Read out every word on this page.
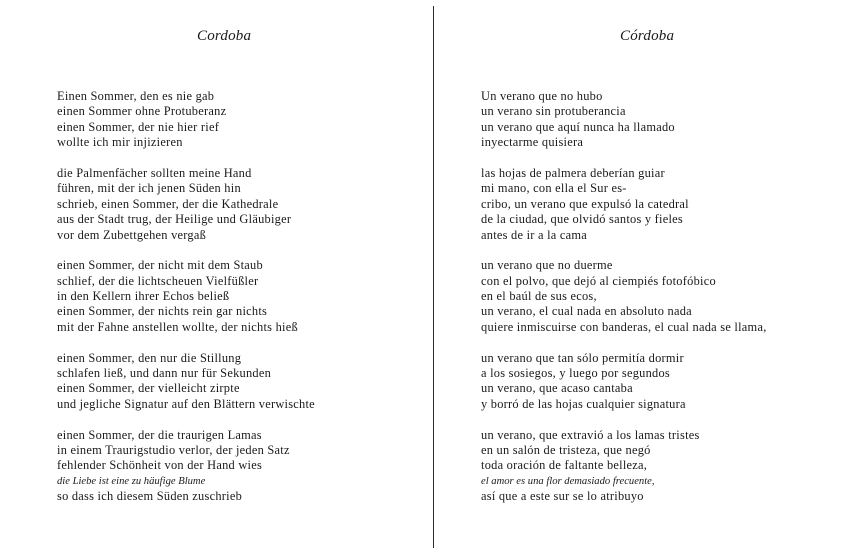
Cordoba
Einen Sommer, den es nie gab
einen Sommer ohne Protuberanz
einen Sommer, der nie hier rief
wollte ich mir injizieren
die Palmenfächer sollten meine Hand
führen, mit der ich jenen Süden hin
schrieb, einen Sommer, der die Kathedrale
aus der Stadt trug, der Heilige und Gläubiger
vor dem Zubettgehen vergaß
einen Sommer, der nicht mit dem Staub
schlief, der die lichtscheuen Vielfüßler
in den Kellern ihrer Echos beließ
einen Sommer, der nichts rein gar nichts
mit der Fahne anstellen wollte, der nichts hieß
einen Sommer, den nur die Stillung
schlafen ließ, und dann nur für Sekunden
einen Sommer, der vielleicht zirpte
und jegliche Signatur auf den Blättern verwischte
einen Sommer, der die traurigen Lamas
in einem Traurigstudio verlor, der jeden Satz
fehlender Schönheit von der Hand wies
die Liebe ist eine zu häufige Blume
so dass ich diesem Süden zuschrieb
Córdoba
Un verano que no hubo
un verano sin protuberancia
un verano que aquí nunca ha llamado
inyectarme quisiera
las hojas de palmera deberían guiar
mi mano, con ella el Sur es-
cribo, un verano que expulsó la catedral
de la ciudad, que olvidó santos y fieles
antes de ir a la cama
un verano que no duerme
con el polvo, que dejó al ciempiés fotofóbico
en el baúl de sus ecos,
un verano, el cual nada en absoluto nada
quiere inmiscuirse con banderas, el cual nada se llama,
un verano que tan sólo permitía dormir
a los sosiegos, y luego por segundos
un verano, que acaso cantaba
y borró de las hojas cualquier signatura
un verano, que extravió a los lamas tristes
en un salón de tristeza, que negó
toda oración de faltante belleza,
el amor es una flor demasiado frecuente,
así que a este sur se lo atribuyo
